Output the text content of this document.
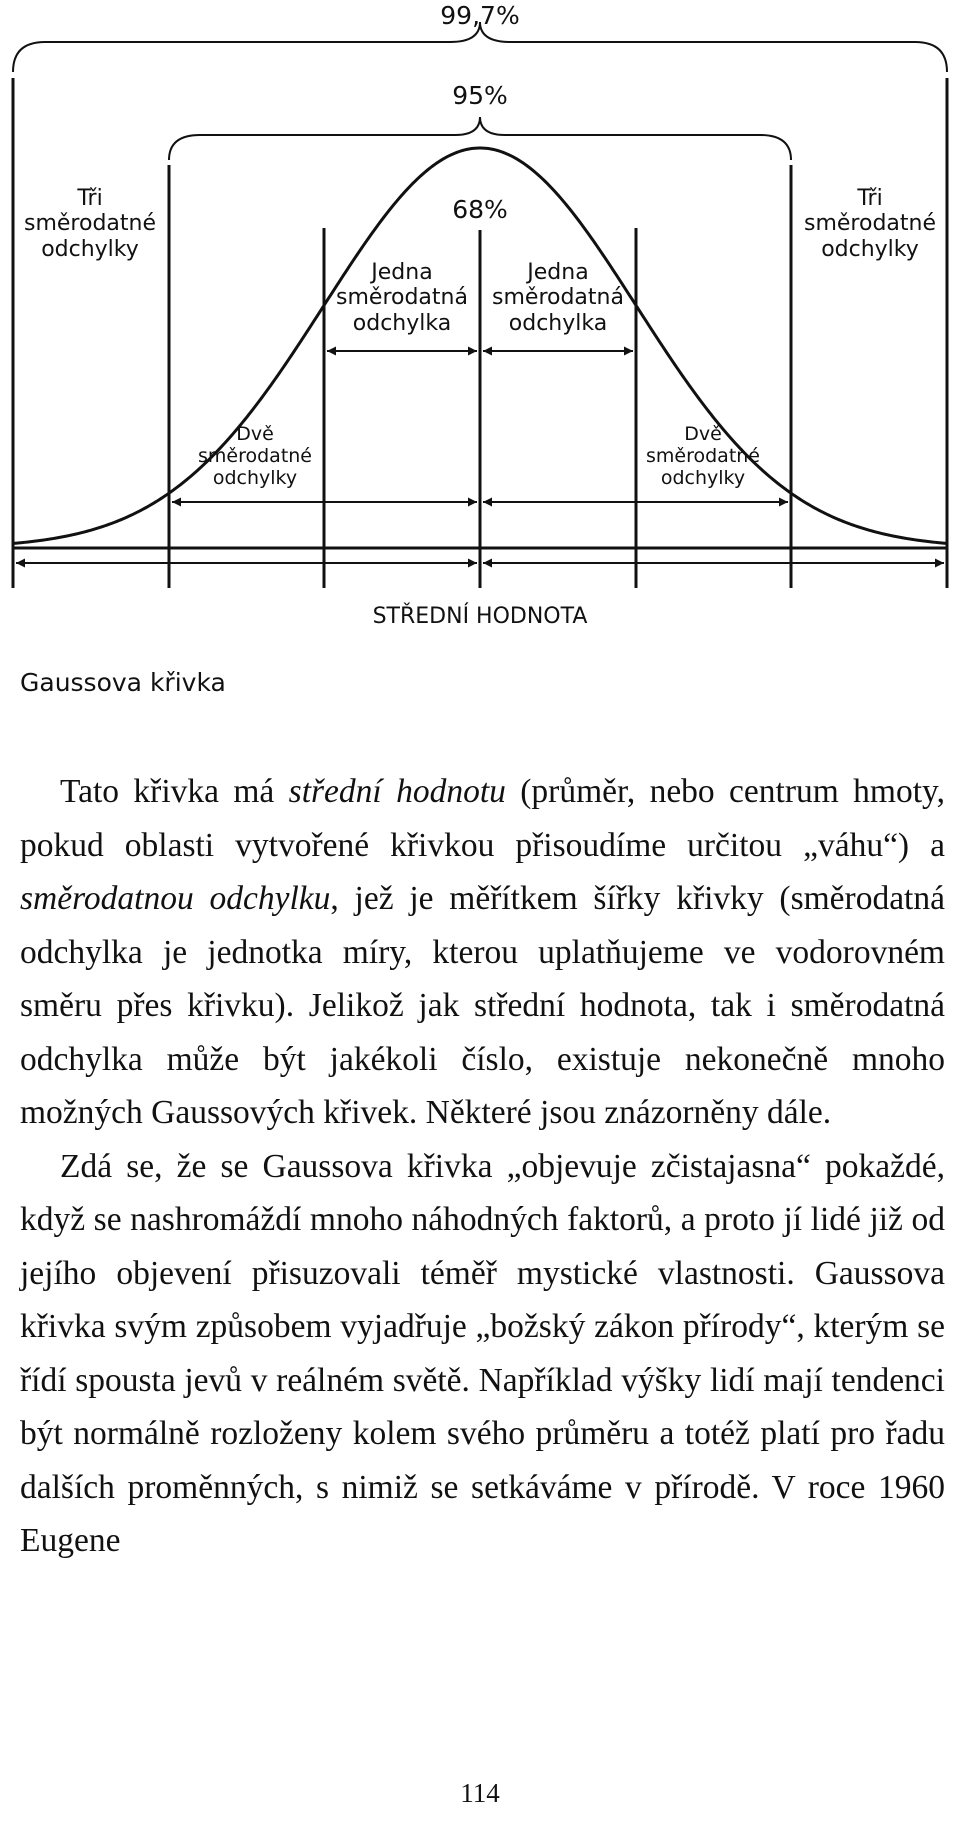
99,7%
95%
68%
Tři
směrodatné
odchylky
Tři
směrodatné
odchylky
Jedna
směrodatná
odchylka
Jedna
směrodatná
odchylka
Dvě
směrodatné
odchylky
Dvě
směrodatné
odchylky
STŘEDNÍ HODNOTA
Gaussova křivka

Tato křivka má střední hodnotu (průměr, nebo centrum hmoty, pokud oblasti vytvořené křivkou přisoudíme určitou „váhu“) a směrodatnou odchylku, jež je měřítkem šířky křivky (směrodatná odchylka je jednotka míry, kterou uplatňujeme ve vodorovném směru přes křivku). Jelikož jak střední hodnota, tak i směrodatná odchylka může být jakékoli číslo, existuje nekonečně mnoho možných Gaussových křivek. Některé jsou znázorněny dále.

Zdá se, že se Gaussova křivka „objevuje zčistajasna“ pokaždé, když se nashromáždí mnoho náhodných faktorů, a proto jí lidé již od jejího objevení přisuzovali téměř mystické vlastnosti. Gaussova křivka svým způsobem vyjadřuje „božský zákon přírody“, kterým se řídí spousta jevů v reálném světě. Například výšky lidí mají tendenci být normálně rozloženy kolem svého průměru a totéž platí pro řadu dalších proměnných, s nimiž se setkáváme v přírodě. V roce 1960 Eugene

114
